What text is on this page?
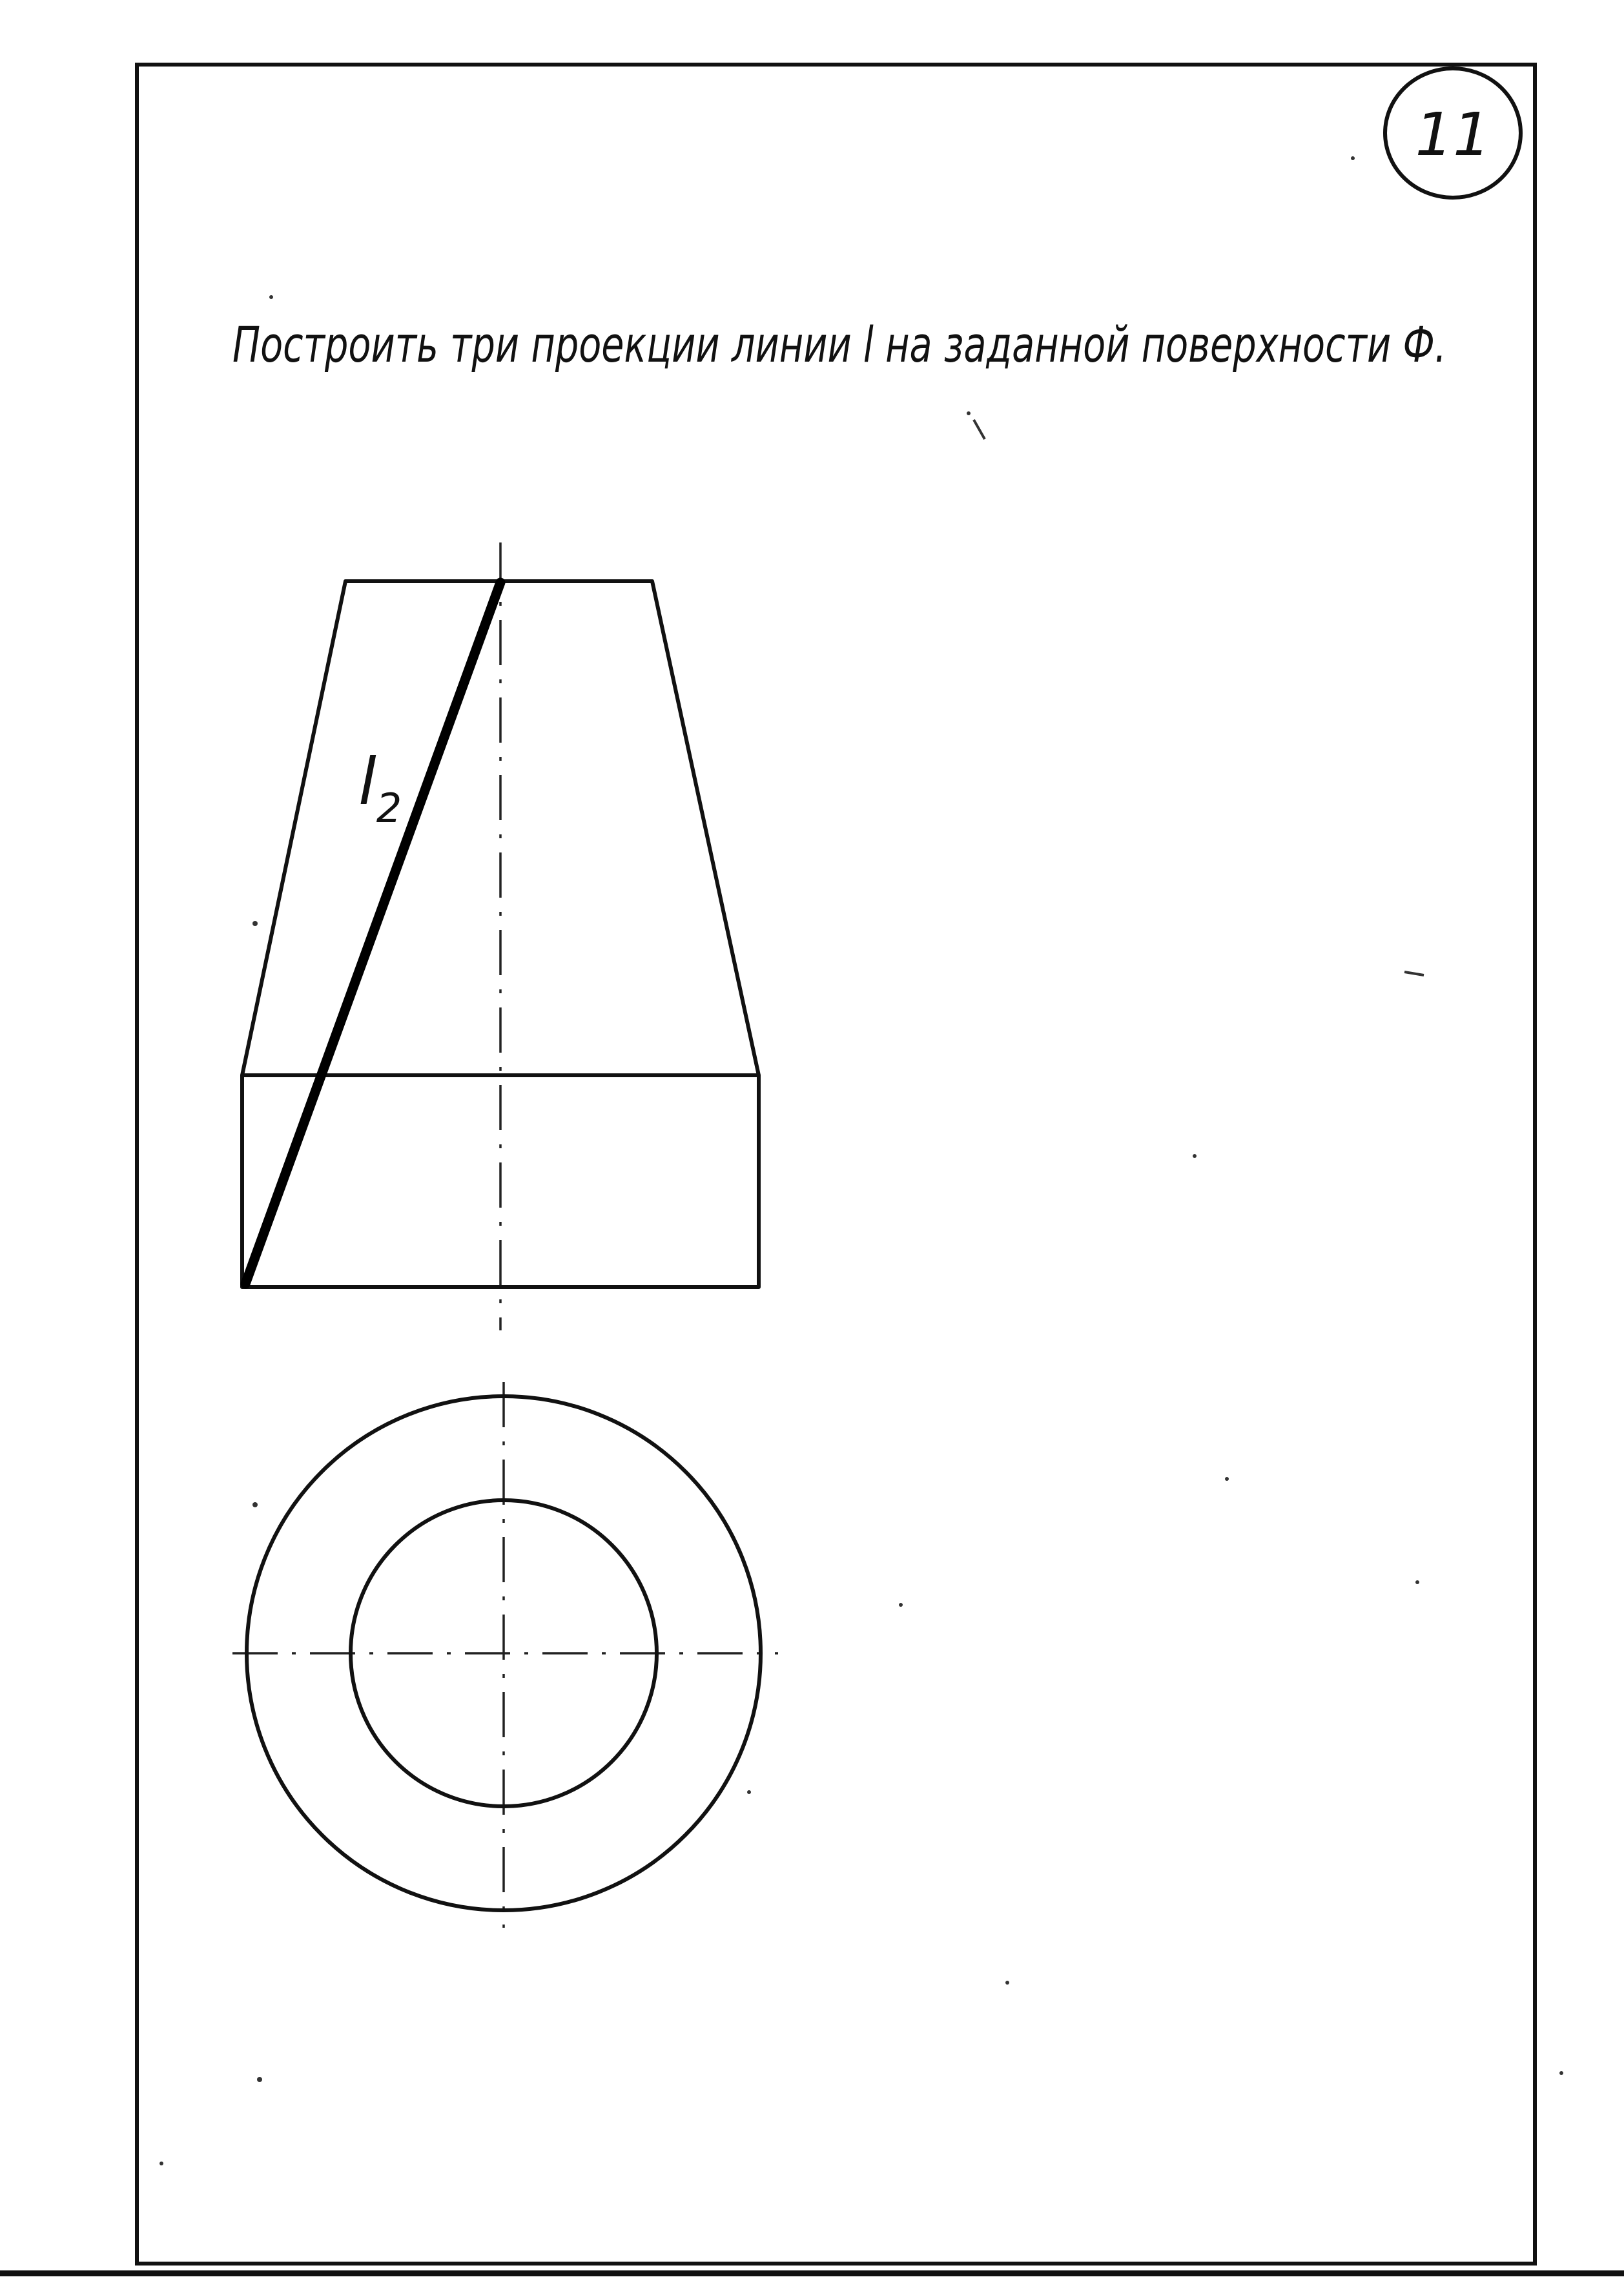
11
Построить три проекции линии l на заданной поверхности Ф.
$l_2$
